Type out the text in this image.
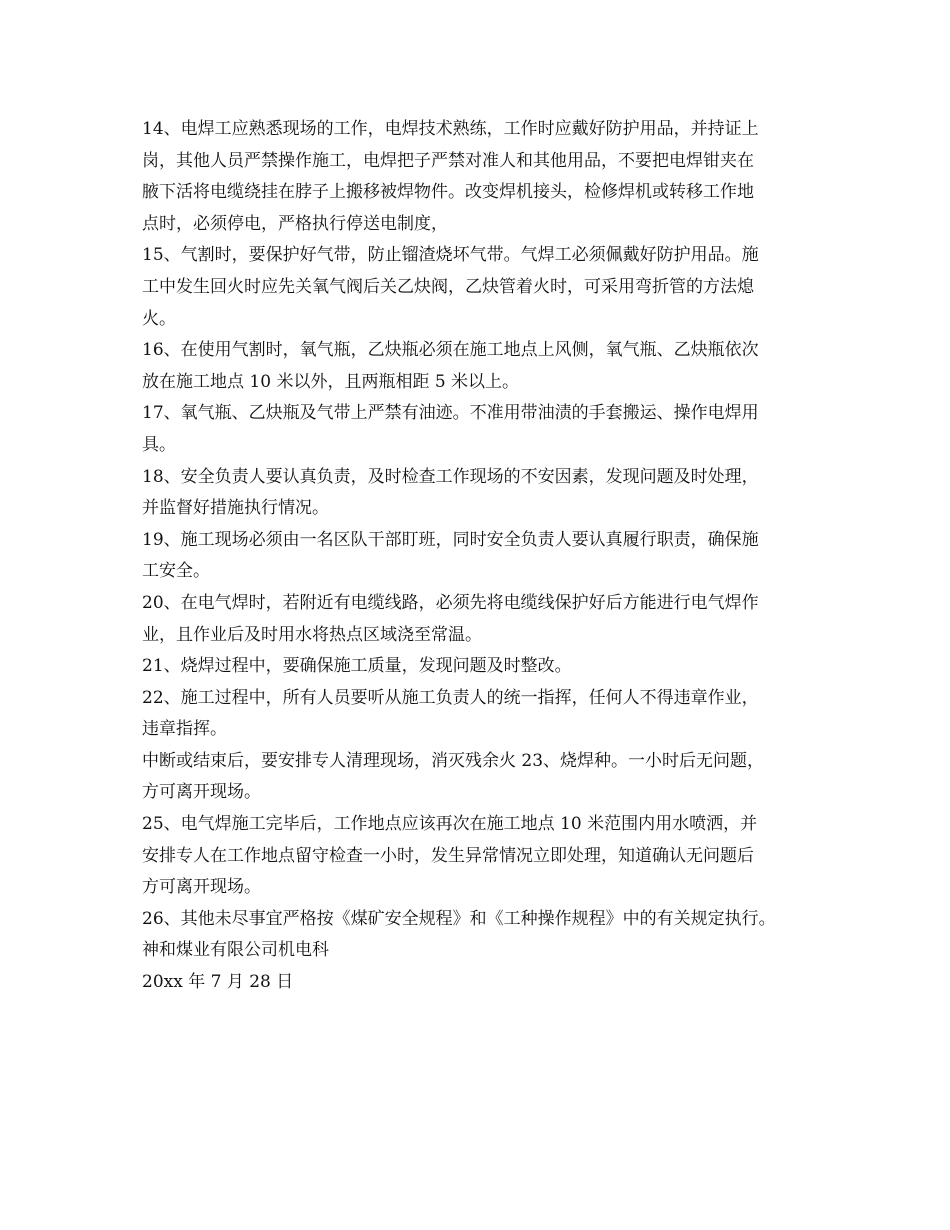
14、电焊工应熟悉现场的工作，电焊技术熟练，工作时应戴好防护用品，并持证上
岗，其他人员严禁操作施工，电焊把子严禁对准人和其他用品，不要把电焊钳夹在
腋下活将电缆绕挂在脖子上搬移被焊物件。改变焊机接头，检修焊机或转移工作地
点时，必须停电，严格执行停送电制度，
15、气割时，要保护好气带，防止镏渣烧坏气带。气焊工必须佩戴好防护用品。施
工中发生回火时应先关氧气阀后关乙炔阀，乙炔管着火时，可采用弯折管的方法熄
火。
16、在使用气割时，氧气瓶，乙炔瓶必须在施工地点上风侧，氧气瓶、乙炔瓶依次
放在施工地点 10 米以外，且两瓶相距 5 米以上。
17、氧气瓶、乙炔瓶及气带上严禁有油迹。不准用带油渍的手套搬运、操作电焊用
具。
18、安全负责人要认真负责，及时检查工作现场的不安因素，发现问题及时处理，
并监督好措施执行情况。
19、施工现场必须由一名区队干部盯班，同时安全负责人要认真履行职责，确保施
工安全。
20、在电气焊时，若附近有电缆线路，必须先将电缆线保护好后方能进行电气焊作
业，且作业后及时用水将热点区域浇至常温。
21、烧焊过程中，要确保施工质量，发现问题及时整改。
22、施工过程中，所有人员要听从施工负责人的统一指挥，任何人不得违章作业，
违章指挥。
中断或结束后，要安排专人清理现场，消灭残余火 23、烧焊种。一小时后无问题，
方可离开现场。
25、电气焊施工完毕后，工作地点应该再次在施工地点 10 米范围内用水喷洒，并
安排专人在工作地点留守检查一小时，发生异常情况立即处理，知道确认无问题后
方可离开现场。
26、其他未尽事宜严格按《煤矿安全规程》和《工种操作规程》中的有关规定执行。
神和煤业有限公司机电科
20xx 年 7 月 28 日
